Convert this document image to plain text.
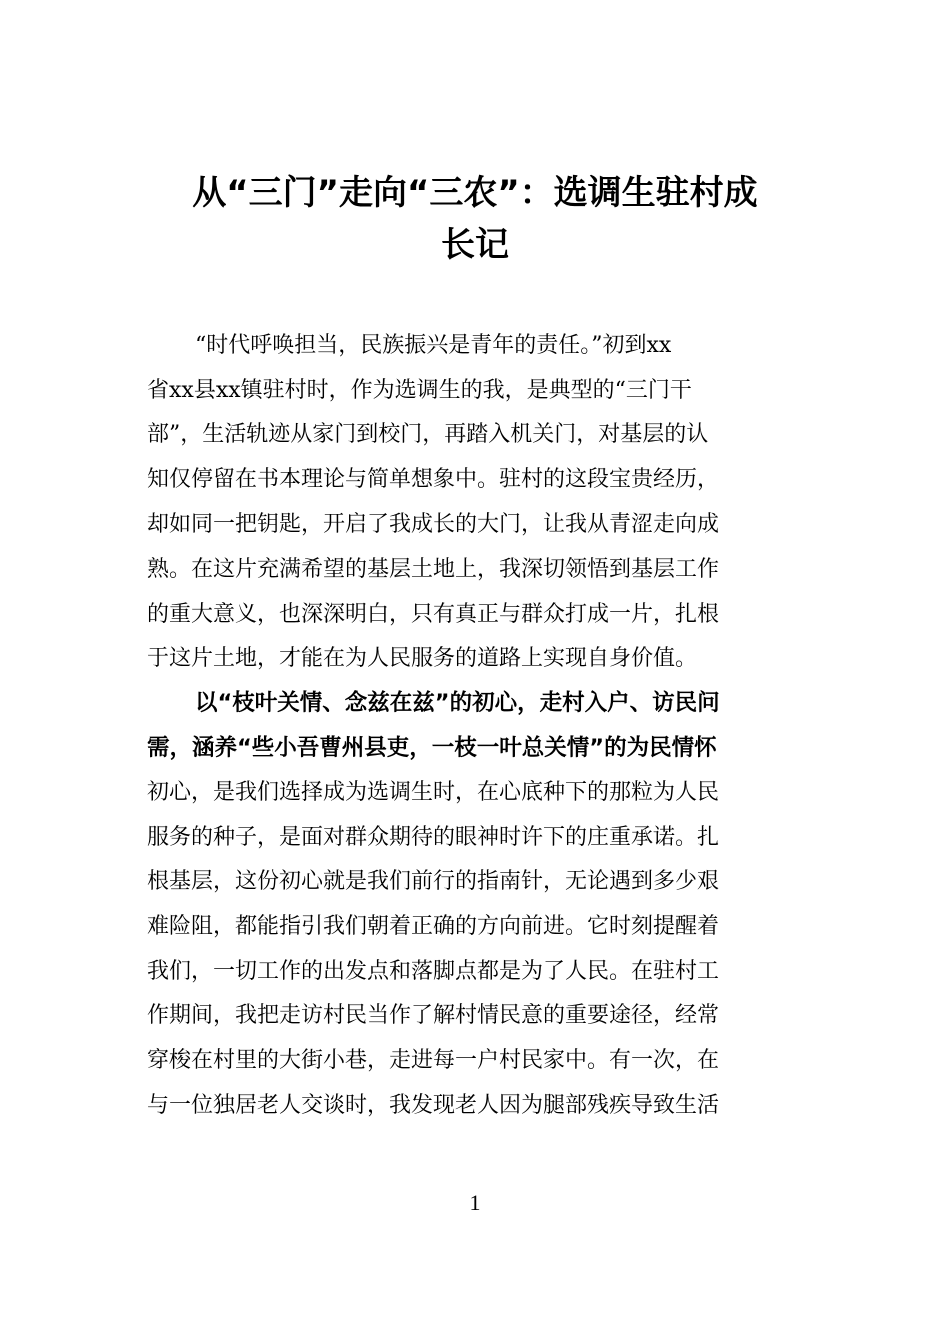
从“三门”走向“三农”：选调生驻村成
长记
“时代呼唤担当，民族振兴是青年的责任。”初到xx
省xx县xx镇驻村时，作为选调生的我，是典型的“三门干
部”，生活轨迹从家门到校门，再踏入机关门，对基层的认
知仅停留在书本理论与简单想象中。驻村的这段宝贵经历，
却如同一把钥匙，开启了我成长的大门，让我从青涩走向成
熟。在这片充满希望的基层土地上，我深切领悟到基层工作
的重大意义，也深深明白，只有真正与群众打成一片，扎根
于这片土地，才能在为人民服务的道路上实现自身价值。
以“枝叶关情、念兹在兹”的初心，走村入户、访民问
需，涵养“些小吾曹州县吏，一枝一叶总关情”的为民情怀
初心，是我们选择成为选调生时，在心底种下的那粒为人民
服务的种子，是面对群众期待的眼神时许下的庄重承诺。扎
根基层，这份初心就是我们前行的指南针，无论遇到多少艰
难险阻，都能指引我们朝着正确的方向前进。它时刻提醒着
我们，一切工作的出发点和落脚点都是为了人民。在驻村工
作期间，我把走访村民当作了解村情民意的重要途径，经常
穿梭在村里的大街小巷，走进每一户村民家中。有一次，在
与一位独居老人交谈时，我发现老人因为腿部残疾导致生活
1
